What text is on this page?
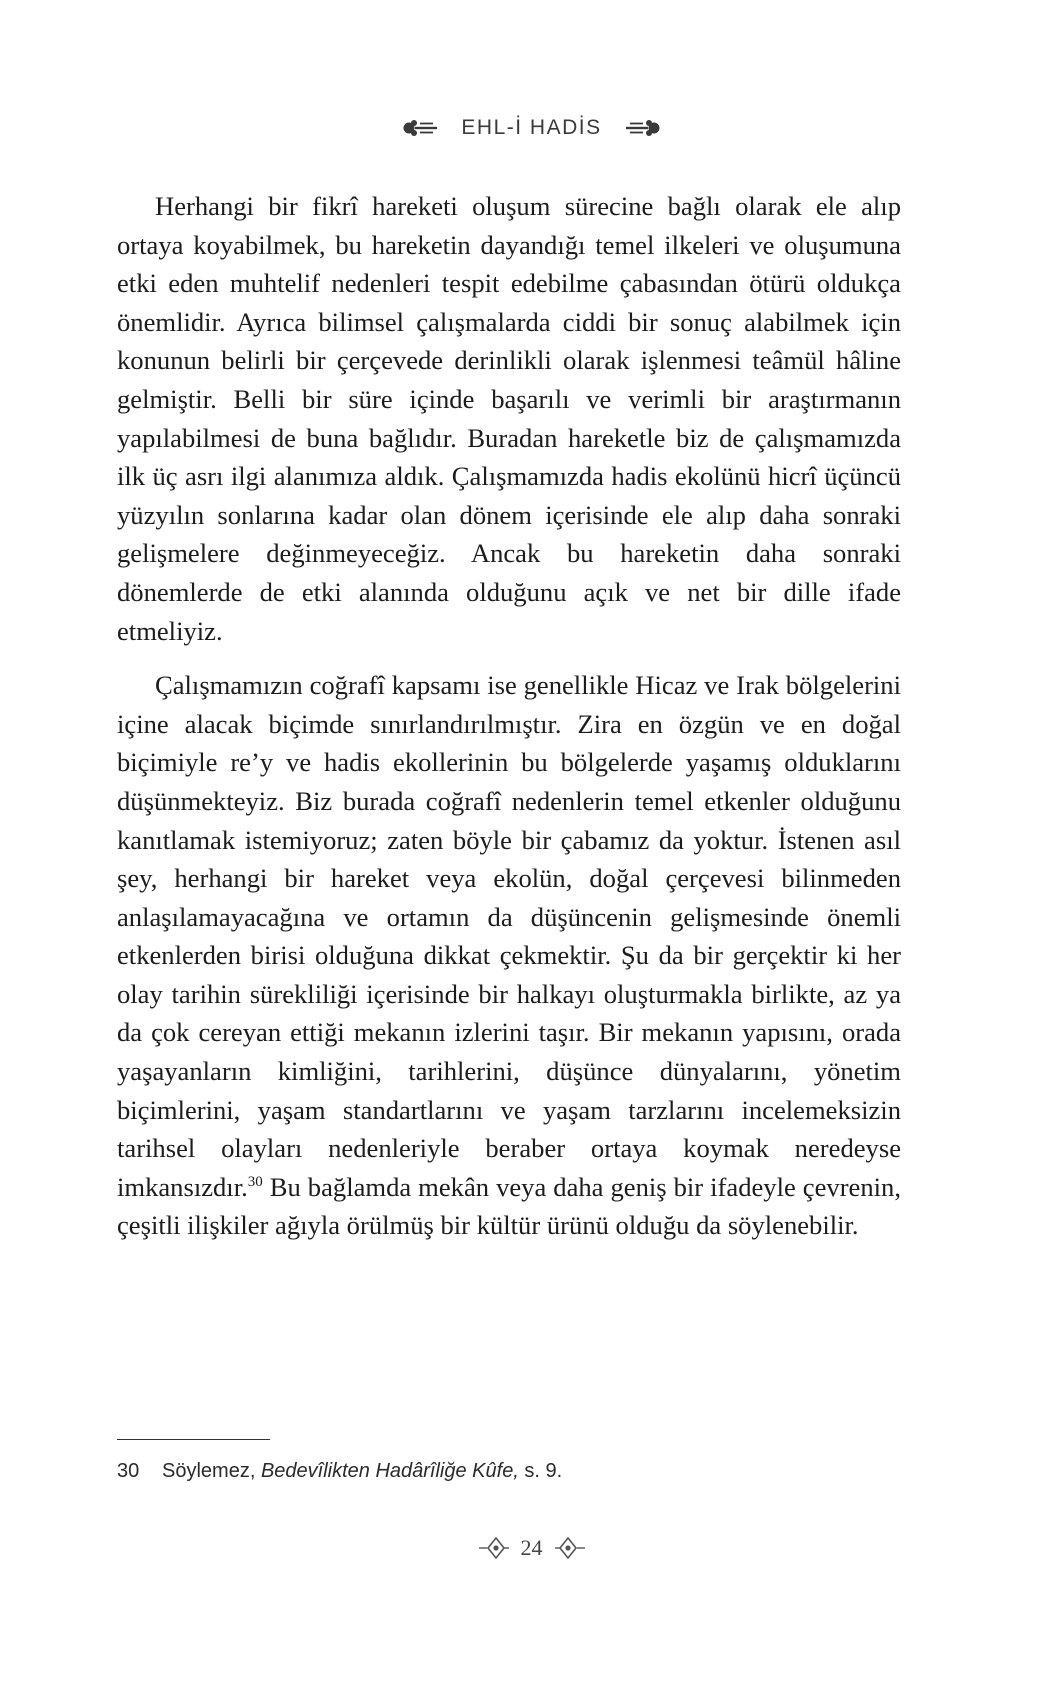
EHL-İ HADİS

Herhangi bir fikrî hareketi oluşum sürecine bağlı olarak ele alıp ortaya koyabilmek, bu hareketin dayandığı temel ilkeleri ve oluşumuna etki eden muhtelif nedenleri tespit edebilme çabasından ötürü oldukça önemlidir. Ayrıca bilimsel çalışmalarda ciddi bir sonuç alabilmek için konunun belirli bir çerçevede derinlikli olarak işlenmesi teâmül hâline gelmiştir. Belli bir süre içinde başarılı ve verimli bir araştırmanın yapılabilmesi de buna bağlıdır. Buradan hareketle biz de çalışmamızda ilk üç asrı ilgi alanımıza aldık. Çalışmamızda hadis ekolünü hicrî üçüncü yüzyılın sonlarına kadar olan dönem içerisinde ele alıp daha sonraki gelişmelere değinmeyeceğiz. Ancak bu hareketin daha sonraki dönemlerde de etki alanında olduğunu açık ve net bir dille ifade etmeliyiz.

Çalışmamızın coğrafî kapsamı ise genellikle Hicaz ve Irak bölgelerini içine alacak biçimde sınırlandırılmıştır. Zira en özgün ve en doğal biçimiyle re’y ve hadis ekollerinin bu bölgelerde yaşamış olduklarını düşünmekteyiz. Biz burada coğrafî nedenlerin temel etkenler olduğunu kanıtlamak istemiyoruz; zaten böyle bir çabamız da yoktur. İstenen asıl şey, herhangi bir hareket veya ekolün, doğal çerçevesi bilinmeden anlaşılamayacağına ve ortamın da düşüncenin gelişmesinde önemli etkenlerden birisi olduğuna dikkat çekmektir. Şu da bir gerçektir ki her olay tarihin sürekliliği içerisinde bir halkayı oluşturmakla birlikte, az ya da çok cereyan ettiği mekanın izlerini taşır. Bir mekanın yapısını, orada yaşayanların kimliğini, tarihlerini, düşünce dünyalarını, yönetim biçimlerini, yaşam standartlarını ve yaşam tarzlarını incelemeksizin tarihsel olayları nedenleriyle beraber ortaya koymak neredeyse imkansızdır.$^{30}$ Bu bağlamda mekân veya daha geniş bir ifadeyle çevrenin, çeşitli ilişkiler ağıyla örülmüş bir kültür ürünü olduğu da söylenebilir.

30 Söylemez, Bedevîlikten Hadârîliğe Kûfe, s. 9.
24
